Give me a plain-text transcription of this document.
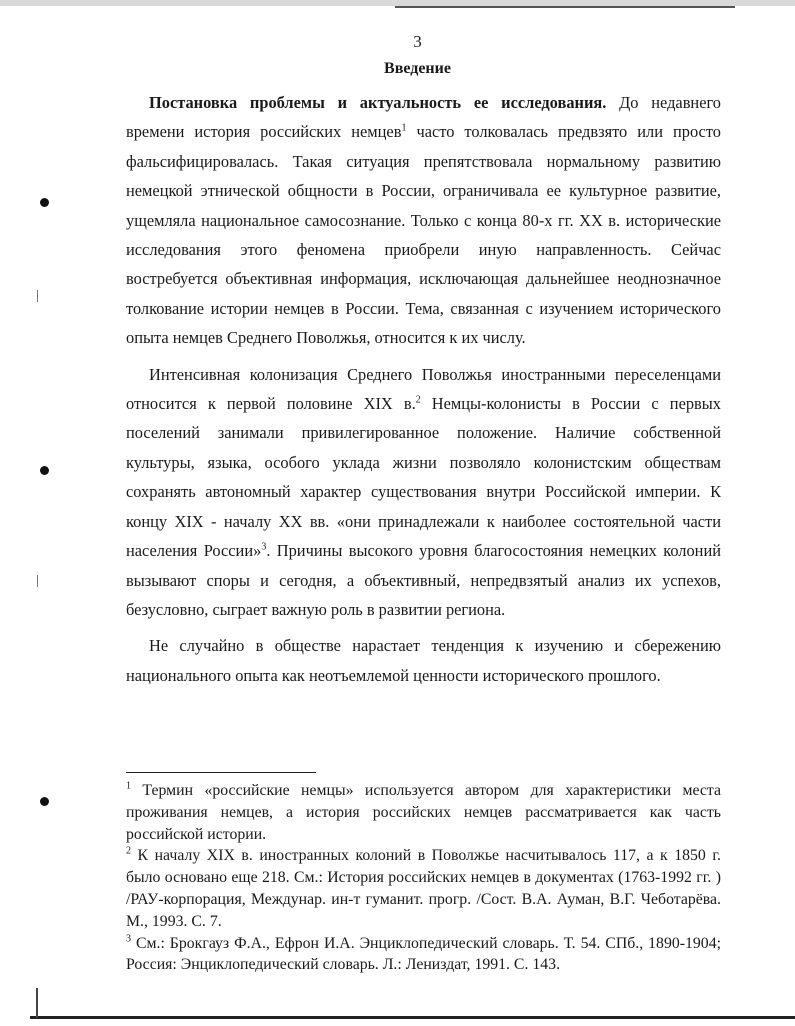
3
Введение

Постановка проблемы и актуальность ее исследования. До недавнего времени история российских немцев$^1$ часто толковалась предвзято или просто фальсифицировалась. Такая ситуация препятствовала нормальному развитию немецкой этнической общности в России, ограничивала ее культурное развитие, ущемляла национальное самосознание. Только с конца 80-х гг. XX в. исторические исследования этого феномена приобрели иную направленность. Сейчас востребуется объективная информация, исключающая дальнейшее неоднозначное толкование истории немцев в России. Тема, связанная с изучением исторического опыта немцев Среднего Поволжья, относится к их числу.

Интенсивная колонизация Среднего Поволжья иностранными переселенцами относится к первой половине XIX в.$^2$ Немцы-колонисты в России с первых поселений занимали привилегированное положение. Наличие собственной культуры, языка, особого уклада жизни позволяло колонистским обществам сохранять автономный характер существования внутри Российской империи. К концу XIX - началу XX вв. «они принадлежали к наиболее состоятельной части населения России»$^3$. Причины высокого уровня благосостояния немецких колоний вызывают споры и сегодня, а объективный, непредвзятый анализ их успехов, безусловно, сыграет важную роль в развитии региона.

Не случайно в обществе нарастает тенденция к изучению и сбережению национального опыта как неотъемлемой ценности исторического прошлого.

$^1$ Термин «российские немцы» используется автором для характеристики места проживания немцев, а история российских немцев рассматривается как часть российской истории.

$^2$ К началу XIX в. иностранных колоний в Поволжье насчитывалось 117, а к 1850 г. было основано еще 218. См.: История российских немцев в документах (1763-1992 гг. ) /РАУ-корпорация, Междунар. ин-т гуманит. прогр. /Сост. В.А. Ауман, В.Г. Чеботарёва. М., 1993. С. 7.

$^3$ См.: Брокгауз Ф.А., Ефрон И.А. Энциклопедический словарь. Т. 54. СПб., 1890-1904; Россия: Энциклопедический словарь. Л.: Лениздат, 1991. С. 143.
